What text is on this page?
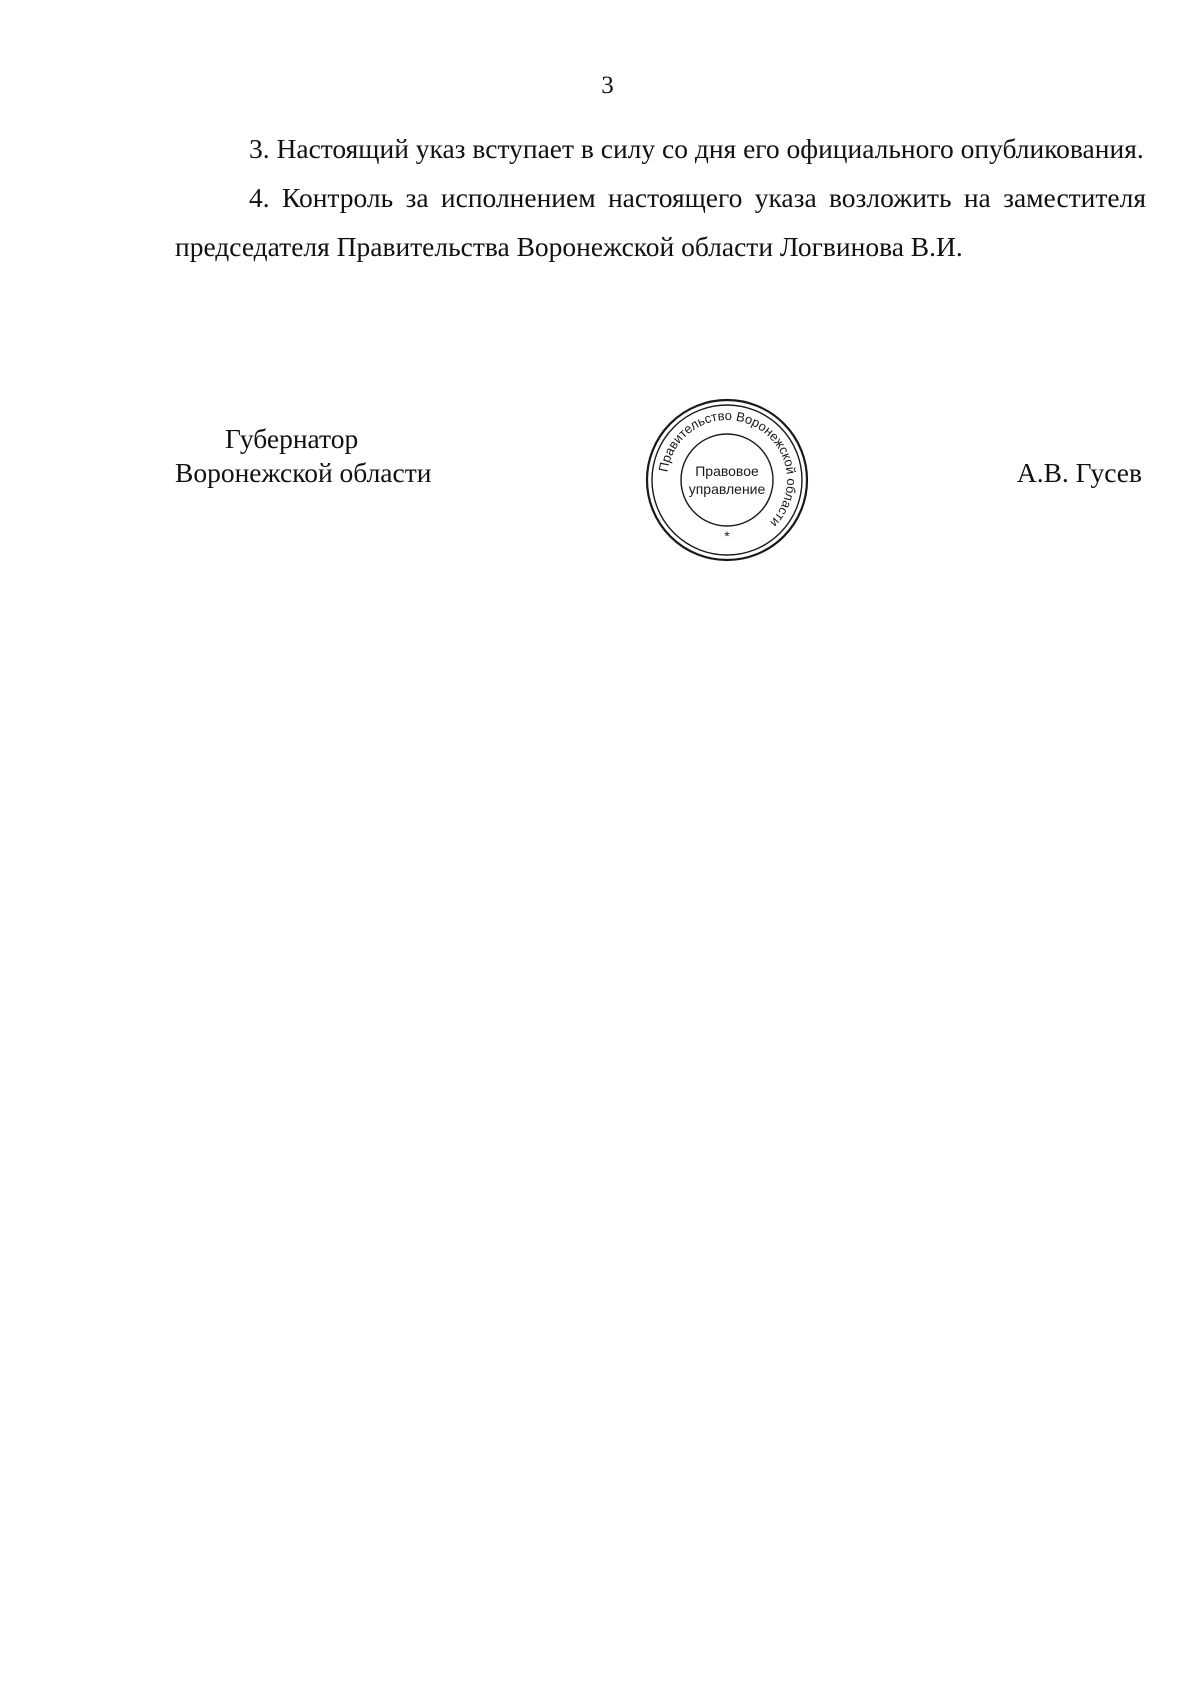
3

3. Настоящий указ вступает в силу со дня его официального опубликования.

4. Контроль за исполнением настоящего указа возложить на заместителя председателя Правительства Воронежской области Логвинова В.И.

Губернатор
Воронежской области	Правительство Воронежской области
Правовое
управление
*
А.В. Гусев
